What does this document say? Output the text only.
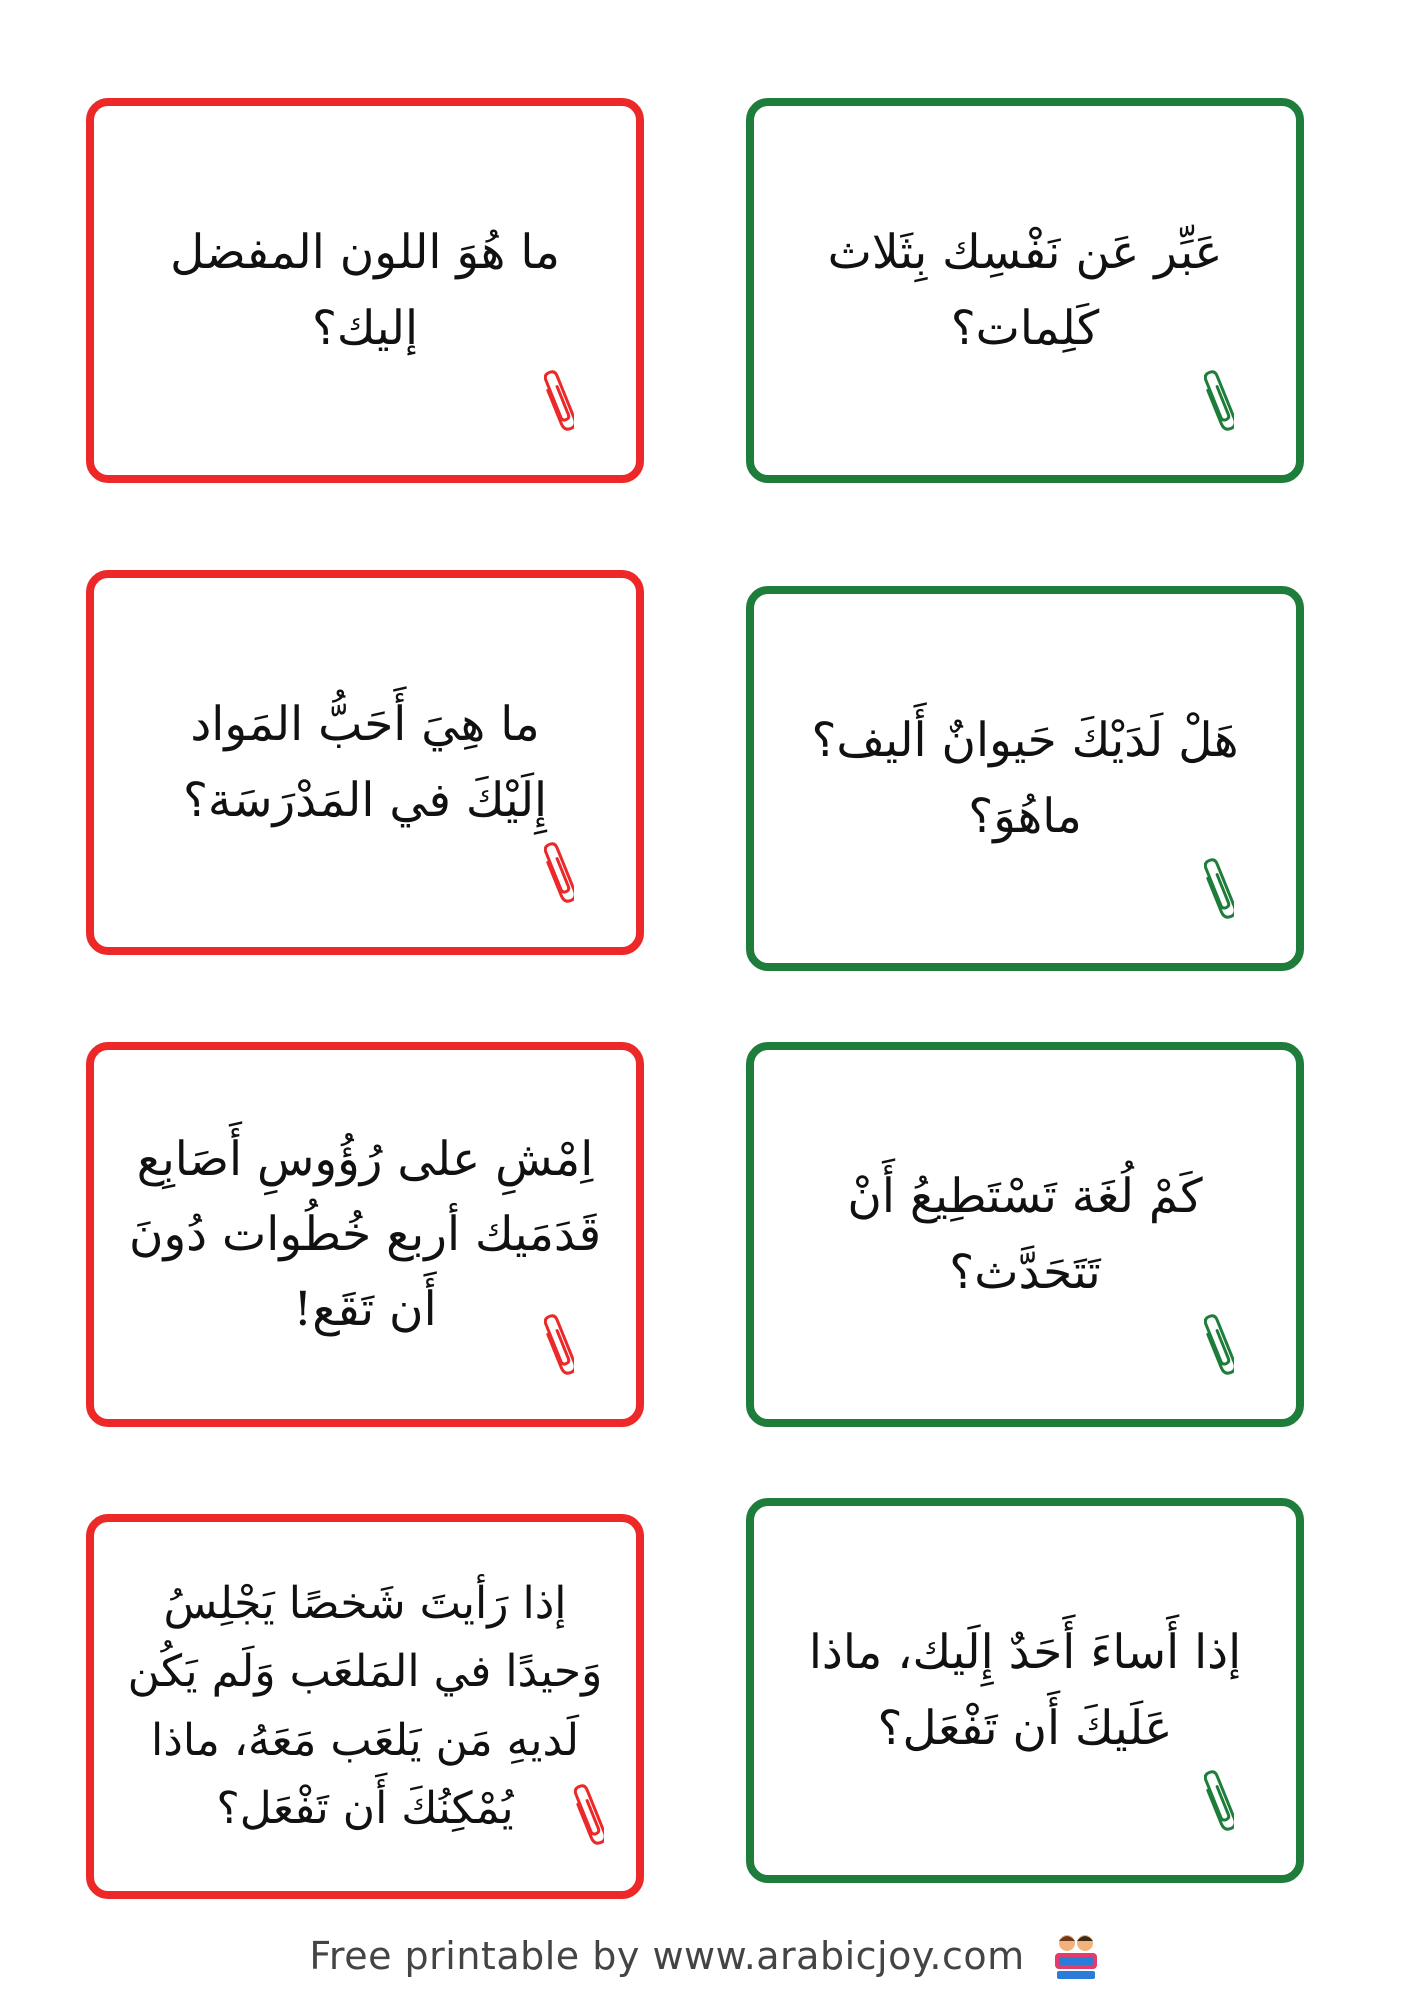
عَبِّر عَن نَفْسِك بِثَلاث
كَلِمات؟
ما هُوَ اللون المفضل
إليك؟
هَلْ لَدَيْكَ حَيوانٌ أَليف؟
ماهُوَ؟
ما هِيَ أَحَبُّ المَواد
إِلَيْكَ في المَدْرَسَة؟
كَمْ لُغَة تَسْتَطِيعُ أَنْ
تَتَحَدَّث؟
اِمْشِ على رُؤُوسِ أَصَابِع
قَدَمَيك أربع خُطُوات دُونَ
أَن تَقَع!
إذا أَساءَ أَحَدٌ إِلَيك، ماذا
عَلَيكَ أَن تَفْعَل؟
إذا رَأيتَ شَخصًا يَجْلِسُ
وَحيدًا في المَلعَب وَلَم يَكُن
لَديهِ مَن يَلعَب مَعَهُ، ماذا
يُمْكِنُكَ أَن تَفْعَل؟
Free printable by www.arabicjoy.com
